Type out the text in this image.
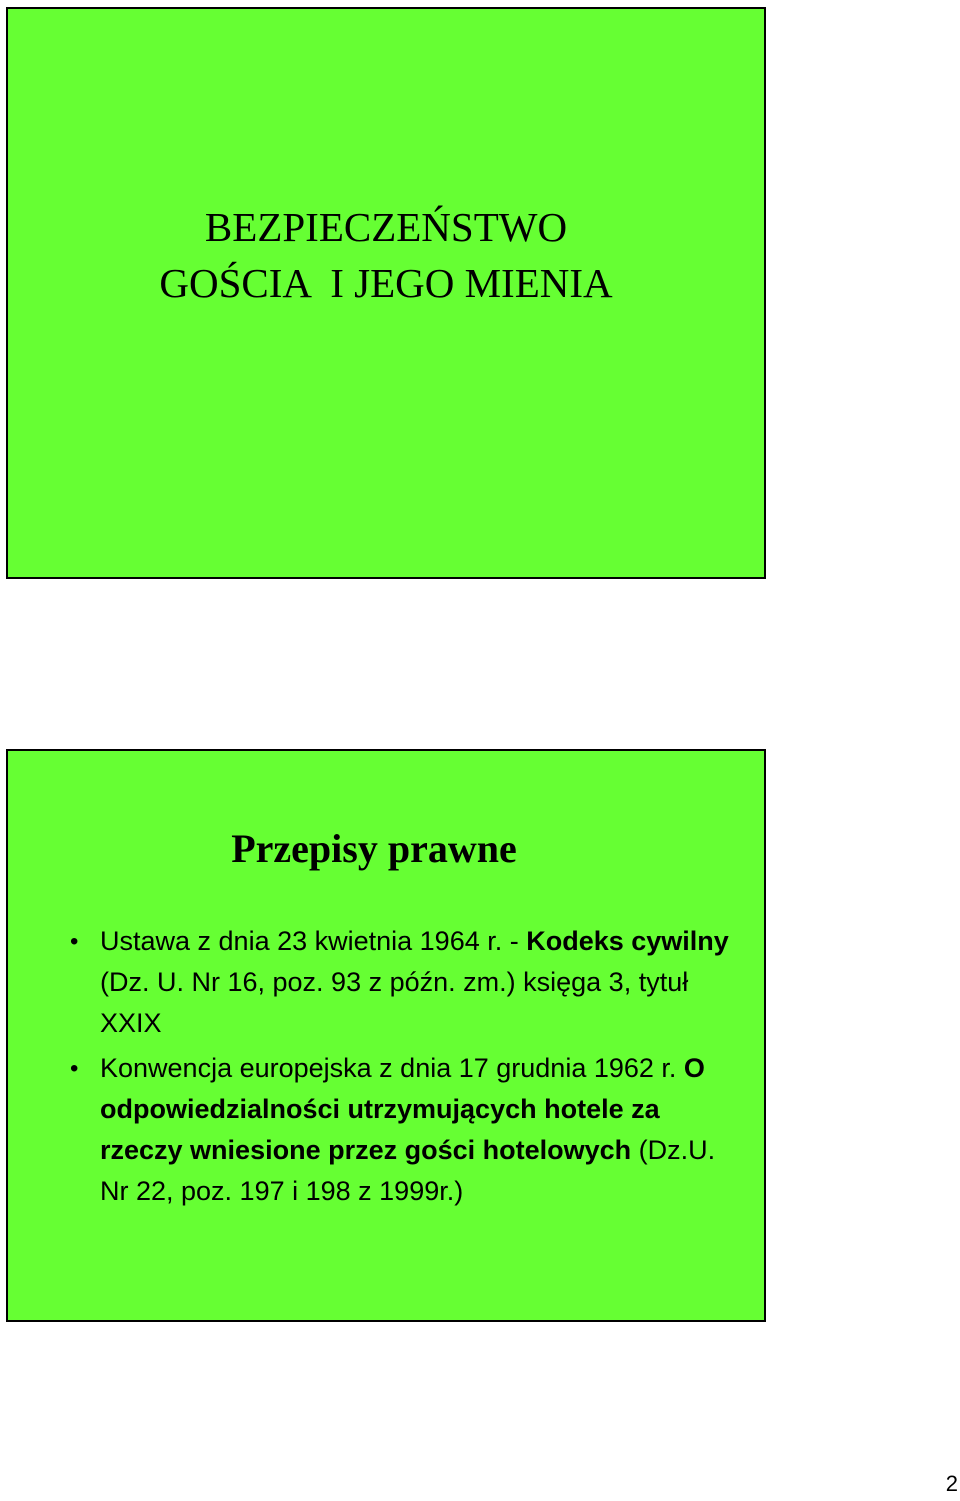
BEZPIECZEŃSTWO
GOŚCIA  I JEGO MIENIA
Przepisy prawne
• Ustawa z dnia 23 kwietnia 1964 r. - Kodeks cywilny (Dz. U. Nr 16, poz. 93 z późn. zm.) księga 3, tytuł XXIX
• Konwencja europejska z dnia 17 grudnia 1962 r. O odpowiedzialności utrzymujących hotele za rzeczy wniesione przez gości hotelowych (Dz.U. Nr 22, poz. 197 i 198 z 1999r.)
2
